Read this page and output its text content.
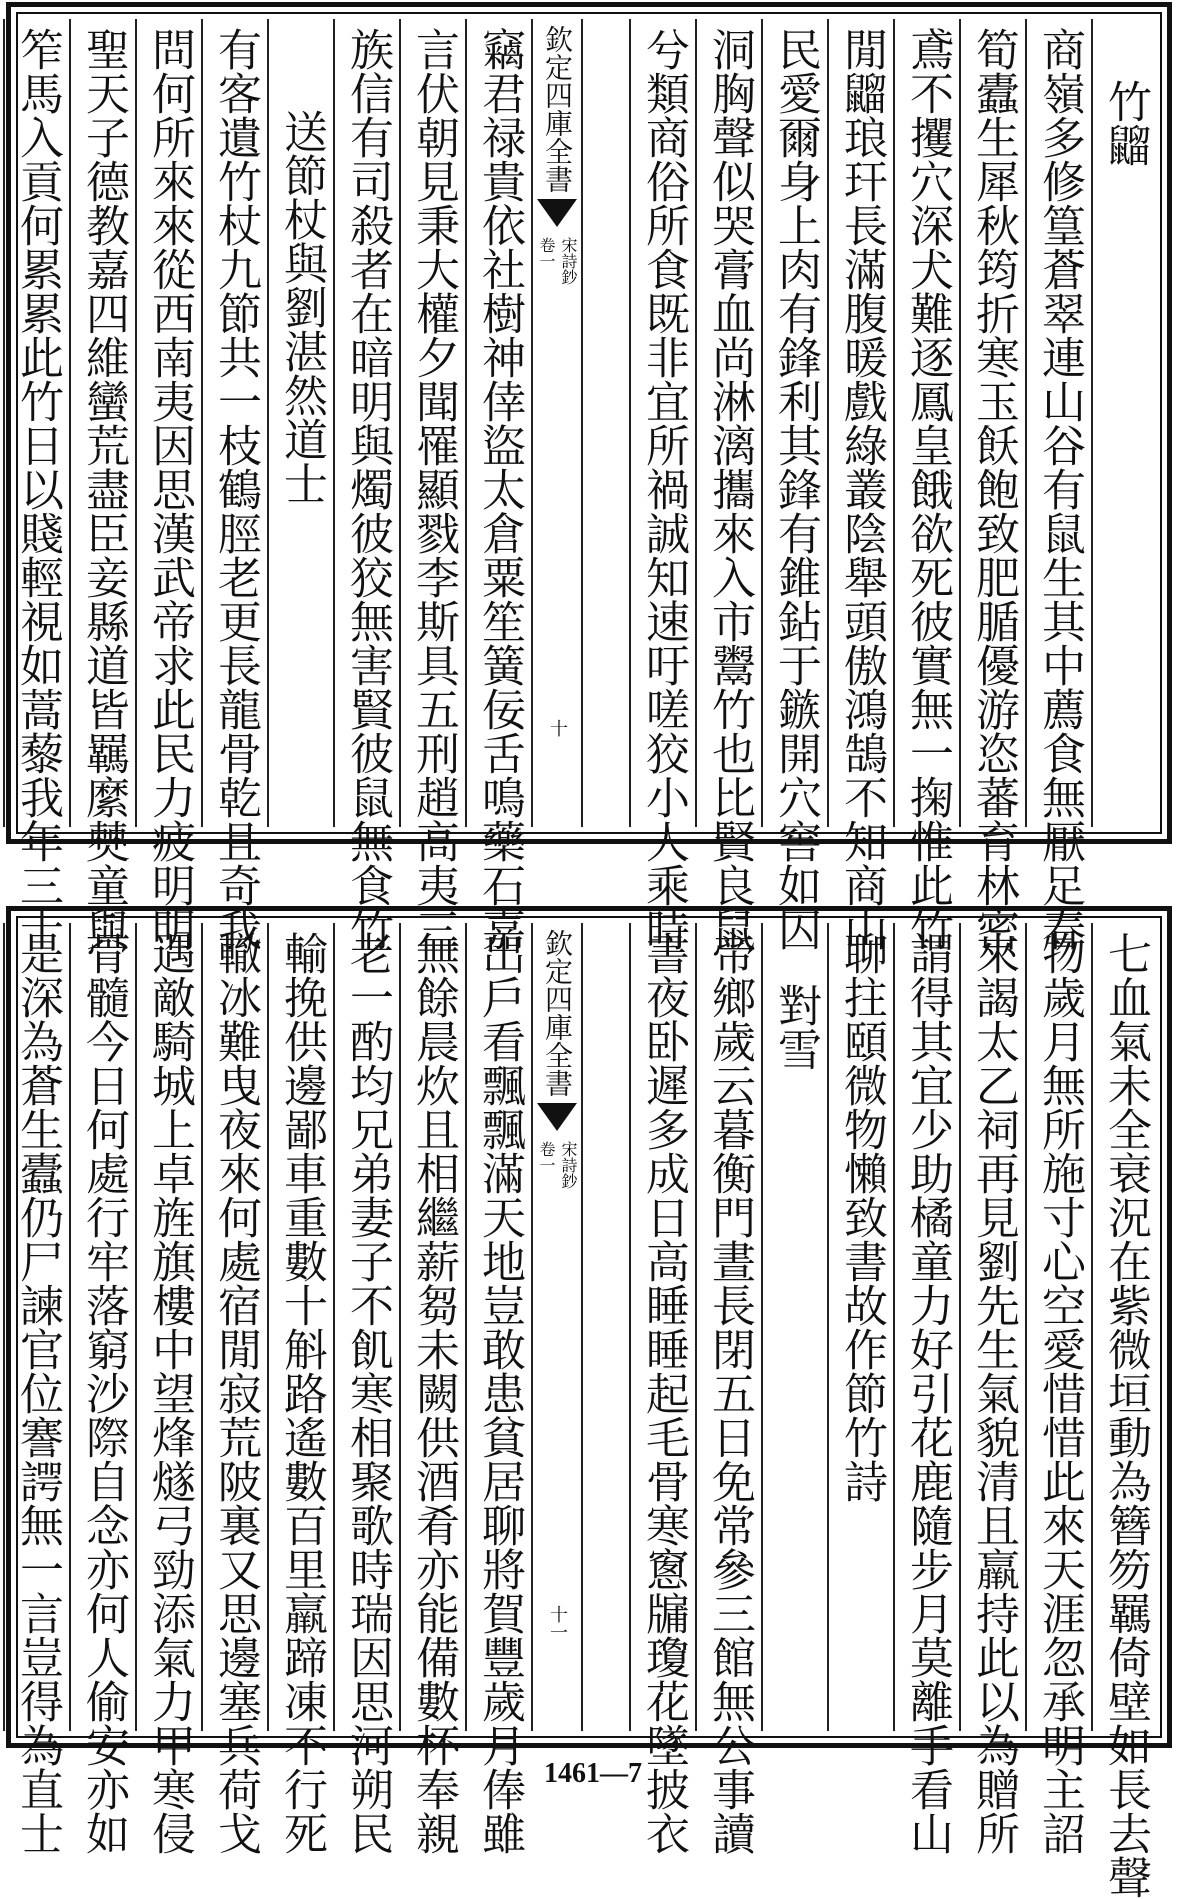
欽定四庫全書
宋詩鈔
卷一
十
竹䶉
商嶺多修篁蒼翠連山谷有鼠生其中薦食無厭足春
筍蠹生犀秋筠折寒玉飫飽致肥腯優游恣蕃育林密
鳶不攫穴深犬難逐鳳皇餓欲死彼實無一掬惟此竹
閒䶉琅玕長滿腹暖戲綠叢陰舉頭傲鴻鵠不知商山
民愛爾身上肉有鋒利其鋒有錐鉆于鏃開穴窖如囚
洞胸聲似哭膏血尚淋漓攜來入市鬻竹也比賢良鼠
兮類商俗所食既非宜所禍誠知速吁嗟狡小人乘時
竊君禄貴依社樹神倖盜太倉粟笙簧佞舌鳴藥石嘉
言伏朝見秉大權夕聞罹顯戮李斯具五刑趙高夷三
族信有司殺者在暗明與燭彼狡無害賢彼鼠無食竹
送節杖與劉湛然道士
有客遺竹杖九節共一枝鶴脛老更長龍骨乾且奇我
問何所來來從西南夷因思漢武帝求此民力疲明明
聖天子德教嘉四維蠻荒盡臣妾縣道皆羈縻僰童與
笮馬入貢何累累此竹日以賤輕視如蒿藜我年三十
欽定四庫全書
宋詩鈔
卷一
十一	七血氣未全衰況在紫微垣動為簪笏羈倚壁如長去聲
物歲月無所施寸心空愛惜惜此來天涯忽承明主詔
來謁太乙祠再見劉先生氣貌清且羸持此以為贈所
謂得其宜少助橘童力好引花鹿隨步月莫離手看山
聊拄頤微物懶致書故作節竹詩
對雪
帝鄉歲云暮衡門晝長閉五日免常參三館無公事讀
書夜卧遲多成日高睡睡起毛骨寒窻牖瓊花墜披衣
出戶看飄飄滿天地豈敢患貧居聊將賀豐歲月俸雖
無餘晨炊且相繼薪芻未闕供酒肴亦能備數杯奉親
老一酌均兄弟妻子不飢寒相聚歌時瑞因思河朔民
輸挽供邊鄙車重數十斛路遙數百里羸蹄凍不行死
轍冰難曳夜來何處宿閒寂荒陂裏又思邊塞兵荷戈
遇敵騎城上卓旌旗樓中望烽燧弓勁添氣力甲寒侵
骨髓今日何處行牢落窮沙際自念亦何人偷安亦如
是深為蒼生蠹仍尸諫官位謇諤無一言豈得為直士	1461—7
